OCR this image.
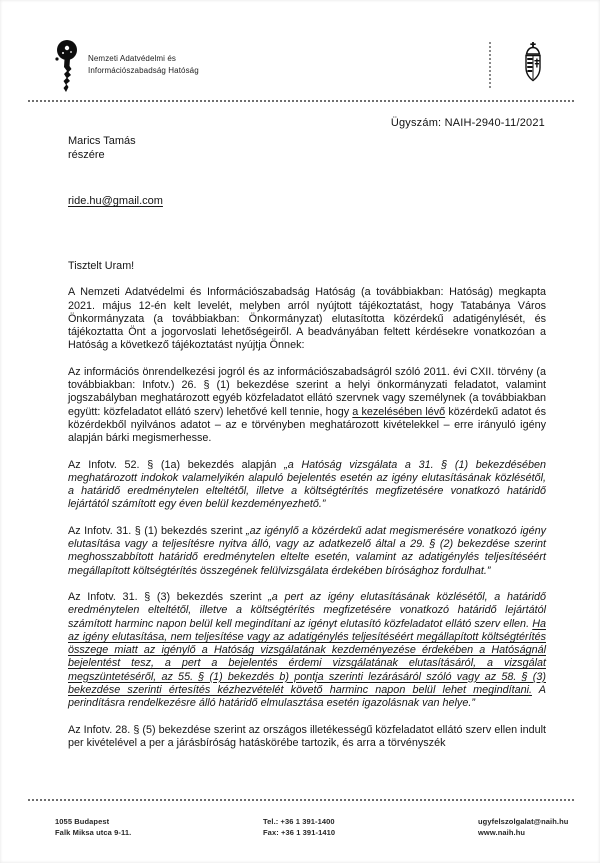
Nemzeti Adatvédelmi és
Információszabadság Hatóság
Ügyszám: NAIH-2940-11/2021
Marics Tamás
részére
ride.hu@gmail.com

Tisztelt Uram!

A Nemzeti Adatvédelmi és Információszabadság Hatóság (a továbbiakban: Hatóság) megkapta 2021. május 12-én kelt levelét, melyben arról nyújtott tájékoztatást, hogy Tatabánya Város Önkormányzata (a továbbiakban: Önkormányzat) elutasította közérdekű adatigénylését, és tájékoztatta Önt a jogorvoslati lehetőségeiről. A beadványában feltett kérdésekre vonatkozóan a Hatóság a következő tájékoztatást nyújtja Önnek:

Az információs önrendelkezési jogról és az információszabadságról szóló 2011. évi CXII. törvény (a továbbiakban: Infotv.) 26. § (1) bekezdése szerint a helyi önkormányzati feladatot, valamint jogszabályban meghatározott egyéb közfeladatot ellátó szervnek vagy személynek (a továbbiakban együtt: közfeladatot ellátó szerv) lehetővé kell tennie, hogy a kezelésében lévő közérdekű adatot és közérdekből nyilvános adatot – az e törvényben meghatározott kivételekkel – erre irányuló igény alapján bárki megismerhesse.

Az Infotv. 52. § (1a) bekezdés alapján „a Hatóság vizsgálata a 31. § (1) bekezdésében meghatározott indokok valamelyikén alapuló bejelentés esetén az igény elutasításának közlésétől, a határidő eredménytelen elteltétől, illetve a költségtérítés megfizetésére vonatkozó határidő lejártától számított egy éven belül kezdeményezhető.”

Az Infotv. 31. § (1) bekezdés szerint „az igénylő a közérdekű adat megismerésére vonatkozó igény elutasítása vagy a teljesítésre nyitva álló, vagy az adatkezelő által a 29. § (2) bekezdése szerint meghosszabbított határidő eredménytelen eltelte esetén, valamint az adatigénylés teljesítéséért megállapított költségtérítés összegének felülvizsgálata érdekében bírósághoz fordulhat.”

Az Infotv. 31. § (3) bekezdés szerint „a pert az igény elutasításának közlésétől, a határidő eredménytelen elteltétől, illetve a költségtérítés megfizetésére vonatkozó határidő lejártától számított harminc napon belül kell megindítani az igényt elutasító közfeladatot ellátó szerv ellen. Ha az igény elutasítása, nem teljesítése vagy az adatigénylés teljesítéséért megállapított költségtérítés összege miatt az igénylő a Hatóság vizsgálatának kezdeményezése érdekében a Hatóságnál bejelentést tesz, a pert a bejelentés érdemi vizsgálatának elutasításáról, a vizsgálat megszüntetéséről, az 55. § (1) bekezdés b) pontja szerinti lezárásáról szóló vagy az 58. § (3) bekezdése szerinti értesítés kézhezvételét követő harminc napon belül lehet megindítani. A perindításra rendelkezésre álló határidő elmulasztása esetén igazolásnak van helye.”

Az Infotv. 28. § (5) bekezdése szerint az országos illetékességű közfeladatot ellátó szerv ellen indult per kivételével a per a járásbíróság hatáskörébe tartozik, és arra a törvényszék

1055 Budapest
Falk Miksa utca 9-11.
Tel.: +36 1 391-1400
Fax: +36 1 391-1410
ugyfelszolgalat@naih.hu
www.naih.hu
